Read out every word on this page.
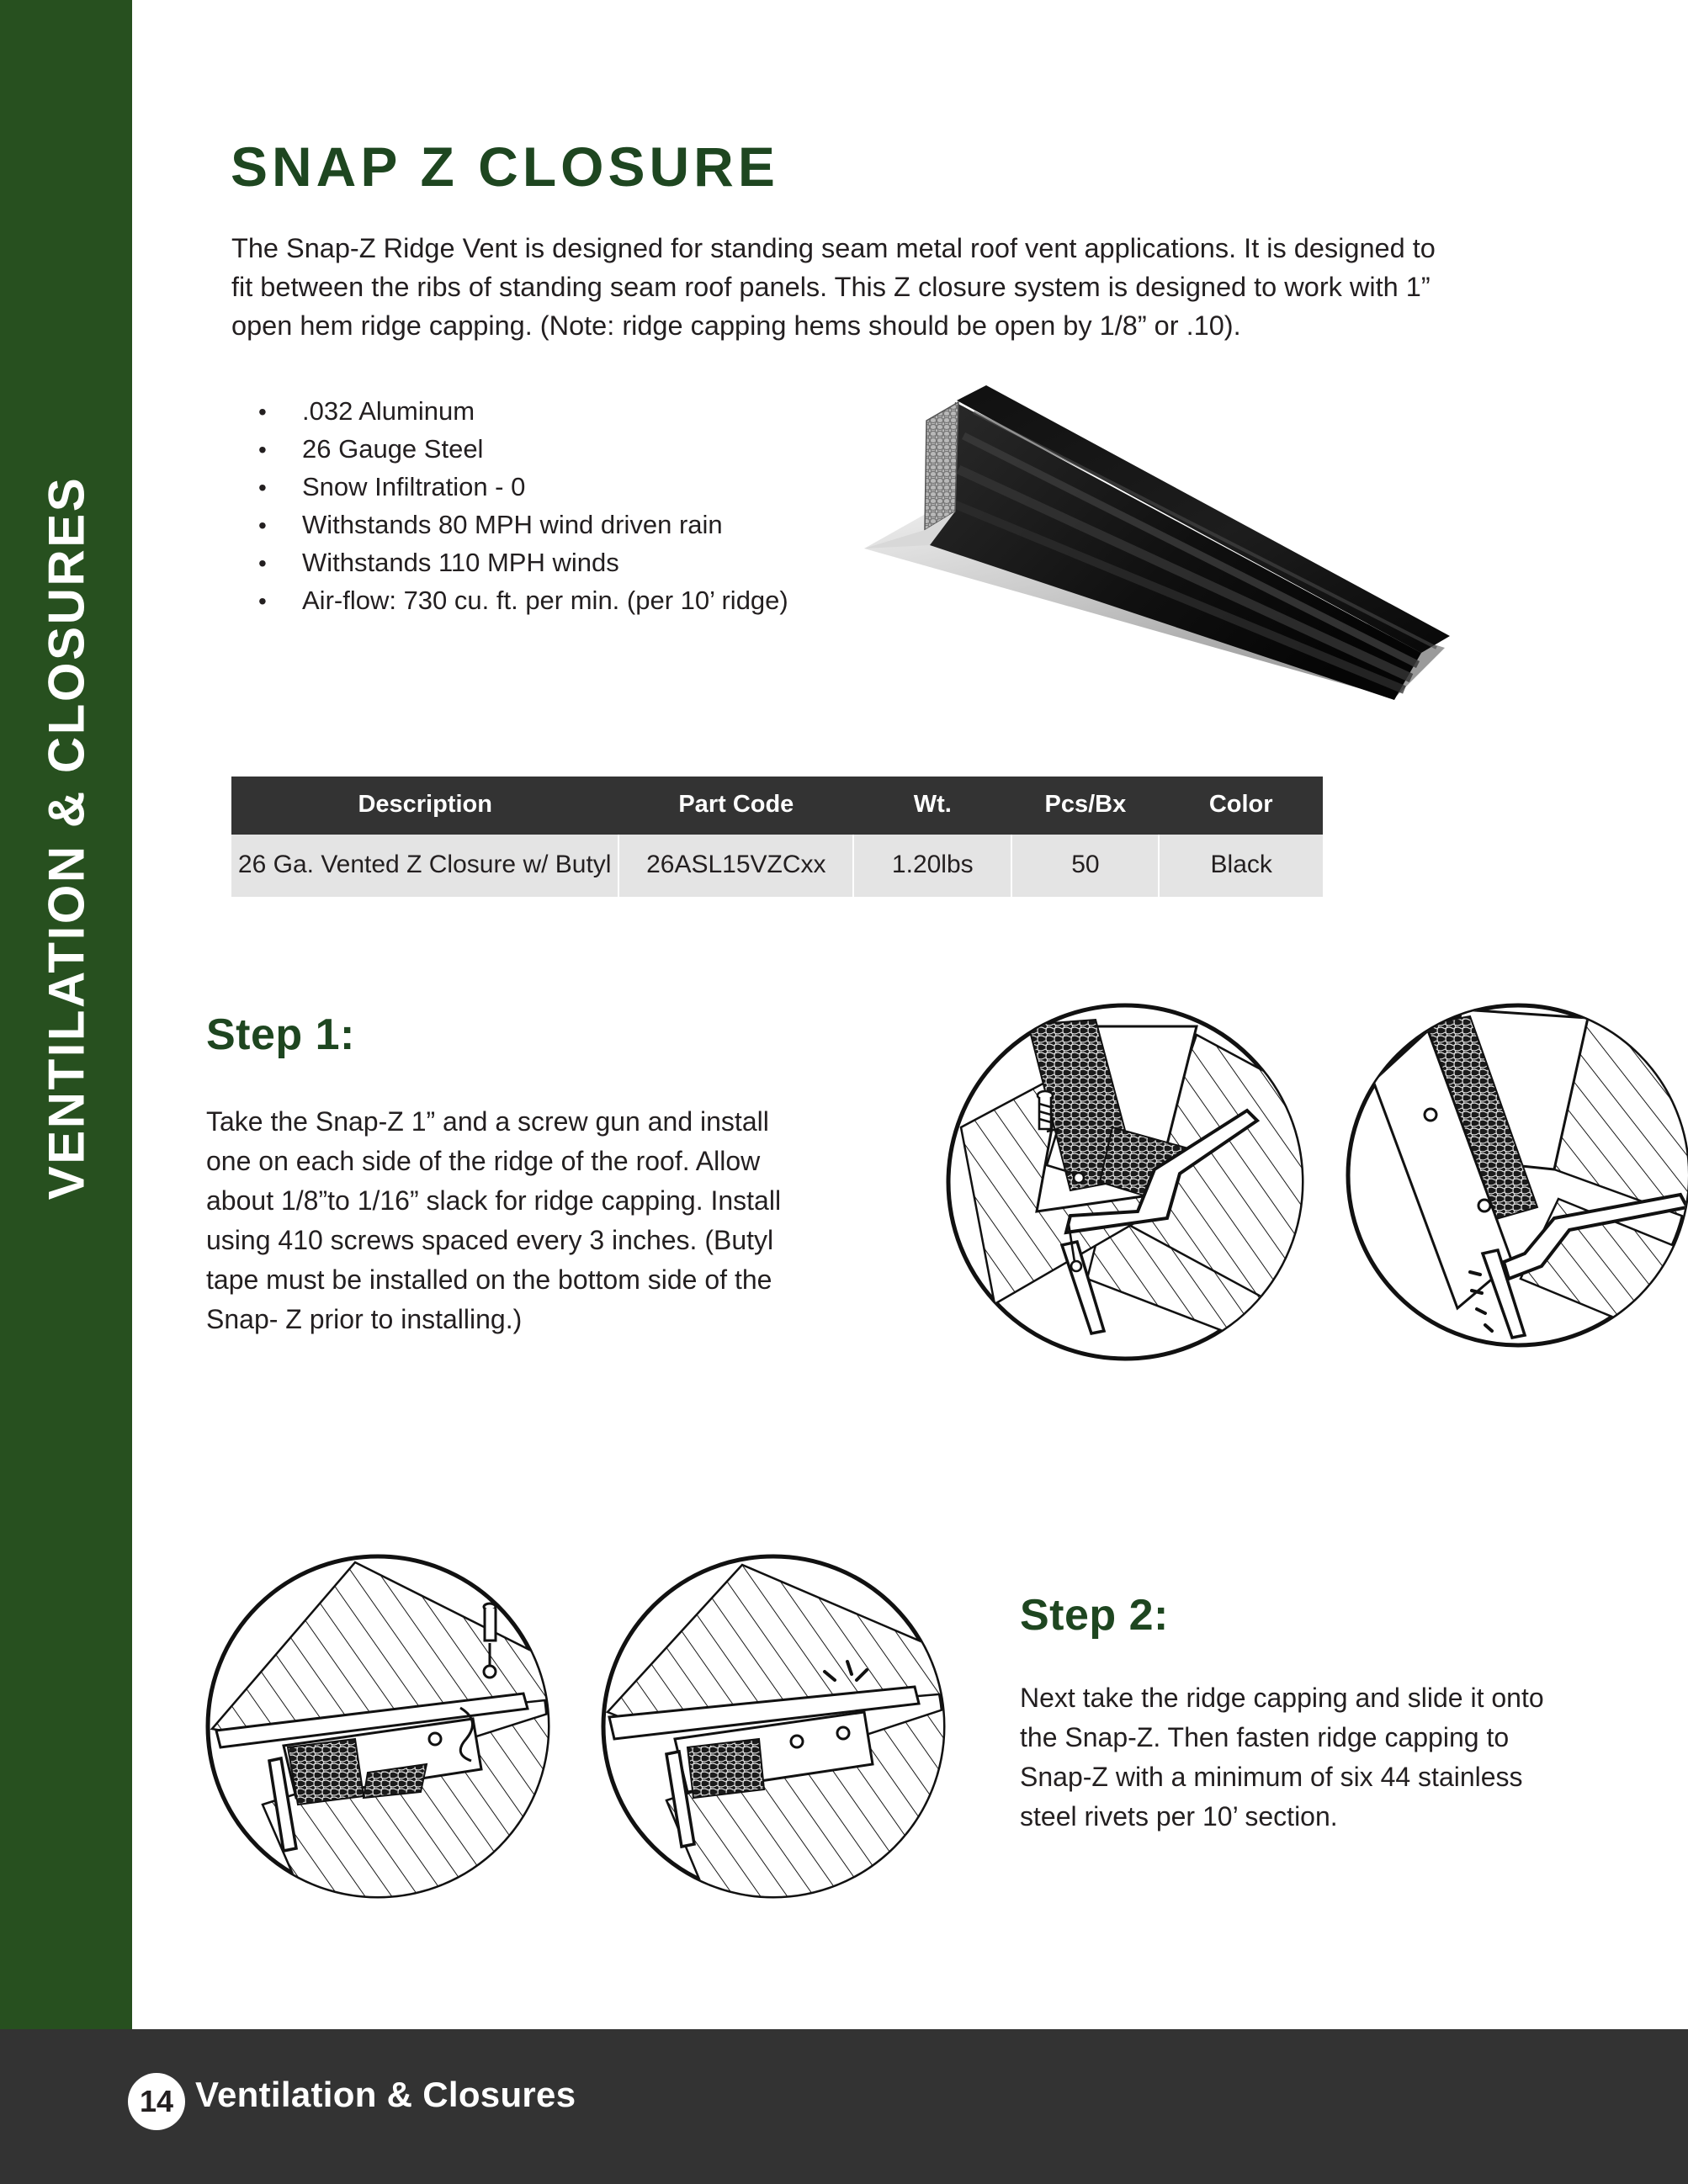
VENTILATION & CLOSURES
SNAP Z CLOSURE

The Snap-Z Ridge Vent is designed for standing seam metal roof vent applications. It is designed to fit between the ribs of standing seam roof panels. This Z closure system is designed to work with 1” open hem ridge capping. (Note: ridge capping hems should be open by 1/8” or .10).

•	.032 Aluminum
•	26 Gauge Steel
•	Snow Infiltration - 0
•	Withstands 80 MPH wind driven rain
•	Withstands 110 MPH winds
•	Air-flow: 730 cu. ft. per min. (per 10’ ridge)
Description	Part Code	Wt.	Pcs/Bx	Color
26 Ga. Vented Z Closure w/ Butyl	26ASL15VZCxx	1.20lbs	50	Black
Step 1:
Take the Snap-Z 1” and a screw gun and install one on each side of the ridge of the roof. Allow about 1/8”to 1/16” slack for ridge capping. Install using 410 screws spaced every 3 inches. (Butyl tape must be installed on the bottom side of the Snap- Z prior to installing.)
Step 2:
Next take the ridge capping and slide it onto the Snap-Z. Then fasten ridge capping to Snap-Z with a minimum of six 44 stainless steel rivets per 10’ section.
14 Ventilation & Closures
